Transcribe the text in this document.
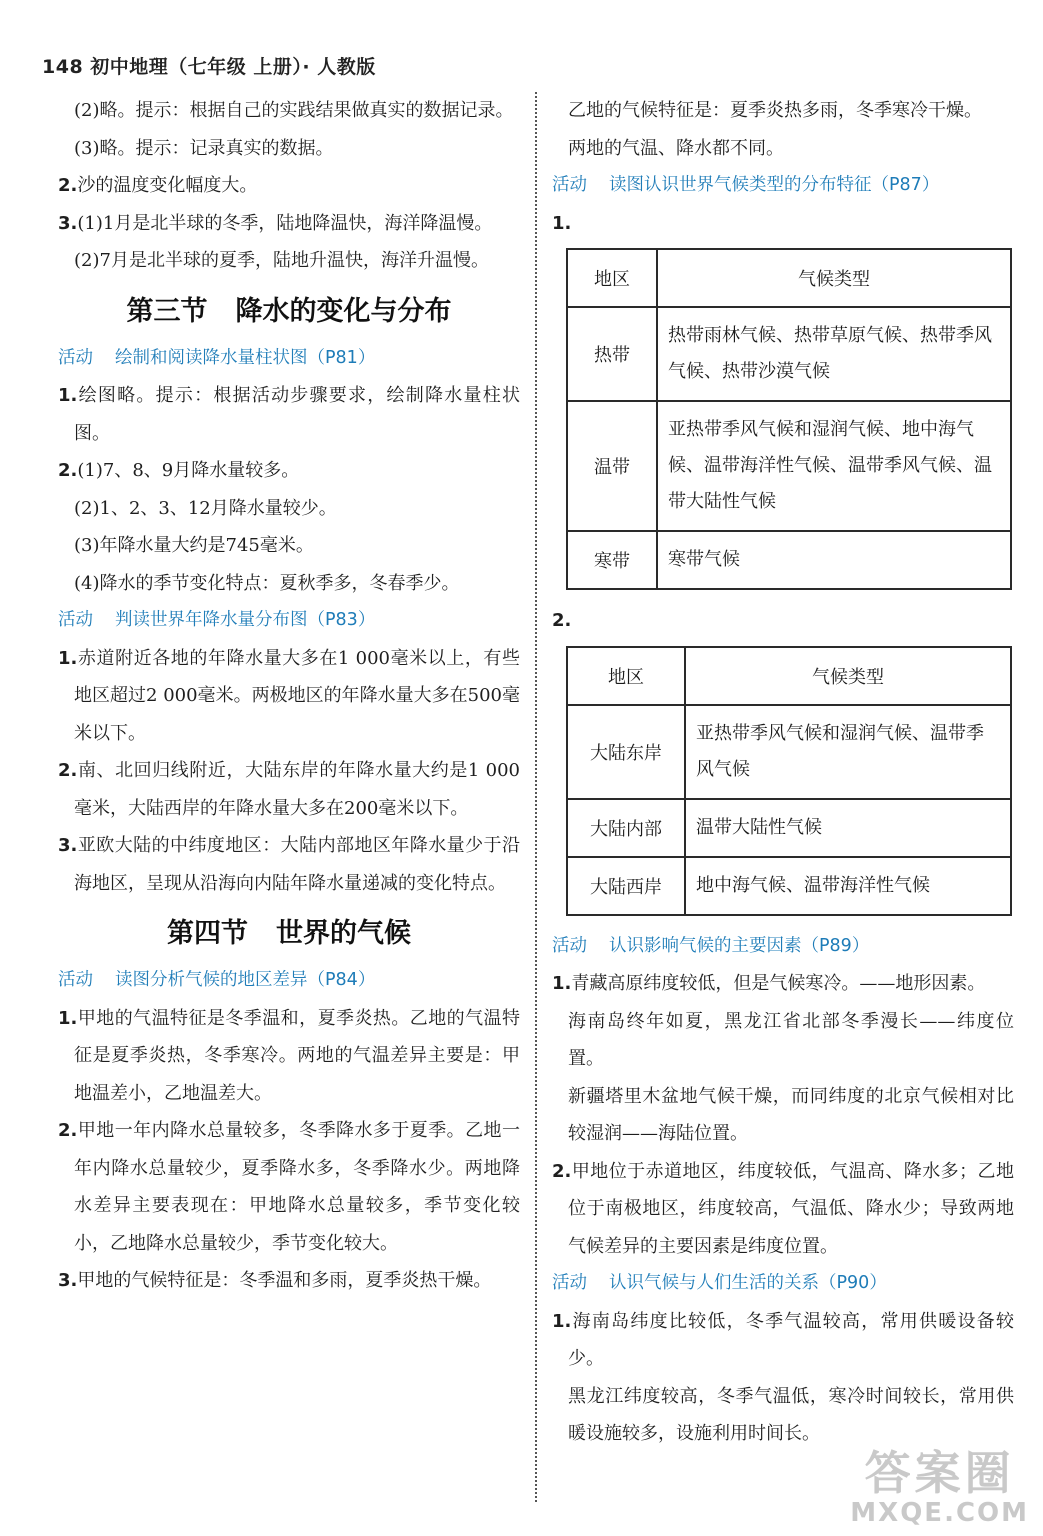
148 初中地理（七年级 上册）· 人教版

(2)略。提示：根据自己的实践结果做真实的数据记录。

(3)略。提示：记录真实的数据。

2.沙的温度变化幅度大。

3.(1)1月是北半球的冬季，陆地降温快，海洋降温慢。

(2)7月是北半球的夏季，陆地升温快，海洋升温慢。

第三节 降水的变化与分布

活动 绘制和阅读降水量柱状图（P81）

1.绘图略。提示：根据活动步骤要求，绘制降水量柱状图。

2.(1)7、8、9月降水量较多。

(2)1、2、3、12月降水量较少。

(3)年降水量大约是745毫米。

(4)降水的季节变化特点：夏秋季多，冬春季少。

活动 判读世界年降水量分布图（P83）

1.赤道附近各地的年降水量大多在1 000毫米以上，有些地区超过2 000毫米。两极地区的年降水量大多在500毫米以下。

2.南、北回归线附近，大陆东岸的年降水量大约是1 000毫米，大陆西岸的年降水量大多在200毫米以下。

3.亚欧大陆的中纬度地区：大陆内部地区年降水量少于沿海地区，呈现从沿海向内陆年降水量递减的变化特点。

第四节 世界的气候

活动 读图分析气候的地区差异（P84）

1.甲地的气温特征是冬季温和，夏季炎热。乙地的气温特征是夏季炎热，冬季寒冷。两地的气温差异主要是：甲地温差小，乙地温差大。

2.甲地一年内降水总量较多，冬季降水多于夏季。乙地一年内降水总量较少，夏季降水多，冬季降水少。两地降水差异主要表现在：甲地降水总量较多，季节变化较小，乙地降水总量较少，季节变化较大。

3.甲地的气候特征是：冬季温和多雨，夏季炎热干燥。

乙地的气候特征是：夏季炎热多雨，冬季寒冷干燥。

两地的气温、降水都不同。

活动 读图认识世界气候类型的分布特征（P87）

1.

地区	气候类型
热带	热带雨林气候、热带草原气候、热带季风气候、热带沙漠气候
温带	亚热带季风气候和湿润气候、地中海气候、温带海洋性气候、温带季风气候、温带大陆性气候
寒带	寒带气候

2.

地区	气候类型
大陆东岸	亚热带季风气候和湿润气候、温带季风气候
大陆内部	温带大陆性气候
大陆西岸	地中海气候、温带海洋性气候

活动 认识影响气候的主要因素（P89）

1.青藏高原纬度较低，但是气候寒冷。——地形因素。

海南岛终年如夏，黑龙江省北部冬季漫长——纬度位置。

新疆塔里木盆地气候干燥，而同纬度的北京气候相对比较湿润——海陆位置。

2.甲地位于赤道地区，纬度较低，气温高、降水多；乙地位于南极地区，纬度较高，气温低、降水少；导致两地气候差异的主要因素是纬度位置。

活动 认识气候与人们生活的关系（P90）

1.海南岛纬度比较低，冬季气温较高，常用供暖设备较少。

黑龙江纬度较高，冬季气温低，寒冷时间较长，常用供暖设施较多，设施利用时间长。

答案圈
MXQE.COM
